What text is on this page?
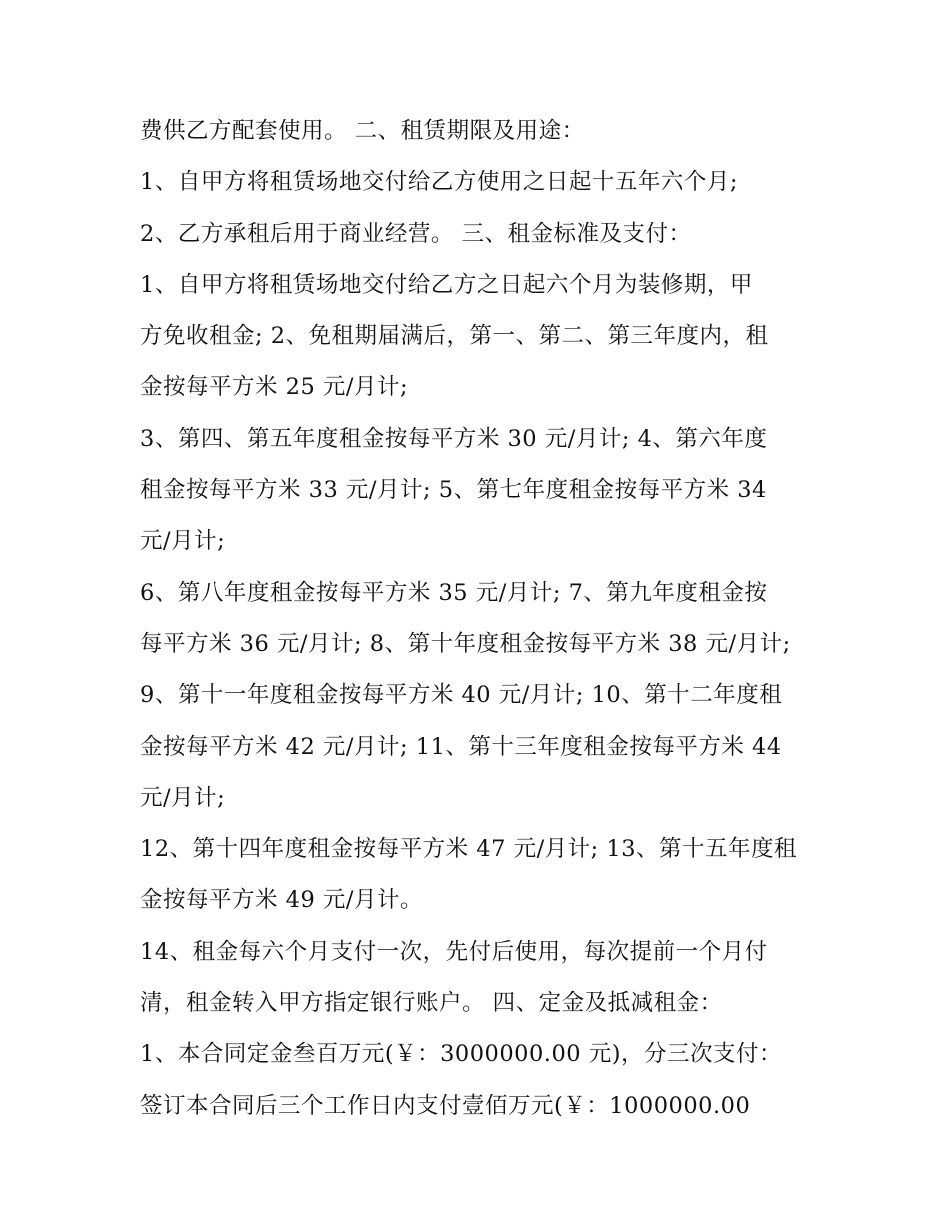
费供乙方配套使用。 二、租赁期限及用途：
1、自甲方将租赁场地交付给乙方使用之日起十五年六个月;
2、乙方承租后用于商业经营。 三、租金标准及支付：
1、自甲方将租赁场地交付给乙方之日起六个月为装修期，甲
方免收租金; 2、免租期届满后，第一、第二、第三年度内，租
金按每平方米 25 元/月计;
3、第四、第五年度租金按每平方米 30 元/月计; 4、第六年度
租金按每平方米 33 元/月计; 5、第七年度租金按每平方米 34
元/月计;
6、第八年度租金按每平方米 35 元/月计; 7、第九年度租金按
每平方米 36 元/月计; 8、第十年度租金按每平方米 38 元/月计;
9、第十一年度租金按每平方米 40 元/月计; 10、第十二年度租
金按每平方米 42 元/月计; 11、第十三年度租金按每平方米 44
元/月计;
12、第十四年度租金按每平方米 47 元/月计; 13、第十五年度租
金按每平方米 49 元/月计。
14、租金每六个月支付一次，先付后使用，每次提前一个月付
清，租金转入甲方指定银行账户。 四、定金及抵减租金：
1、本合同定金叁百万元(￥：3000000.00 元)，分三次支付：
签订本合同后三个工作日内支付壹佰万元(￥：1000000.00
